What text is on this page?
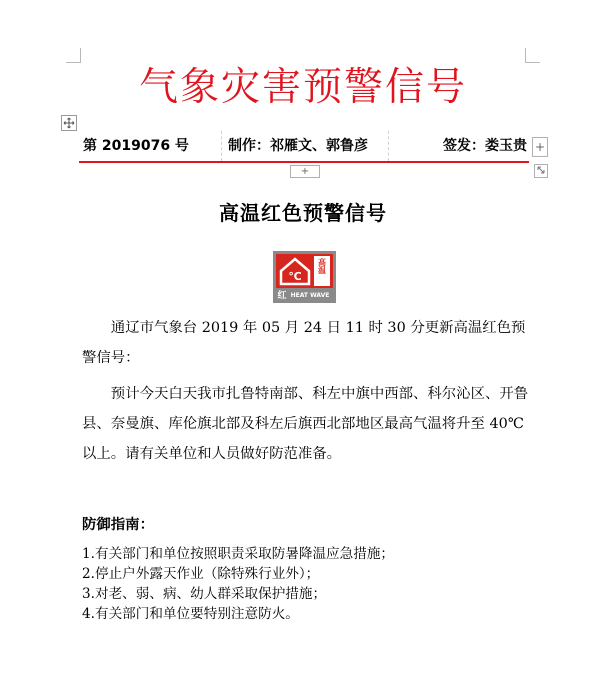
气象灾害预警信号
第 2019076 号	制作：祁雁文、郭鲁彦	签发：娄玉贵 +
+
高温红色预警信号
℃
高温
红 HEAT WAVE

通辽市气象台 2019 年 05 月 24 日 11 时 30 分更新高温红色预警信号：

预计今天白天我市扎鲁特南部、科左中旗中西部、科尔沁区、开鲁县、奈曼旗、库伦旗北部及科左后旗西北部地区最高气温将升至 40℃以上。请有关单位和人员做好防范准备。

防御指南：
1.有关部门和单位按照职责采取防暑降温应急措施；
2.停止户外露天作业（除特殊行业外）；
3.对老、弱、病、幼人群采取保护措施；
4.有关部门和单位要特别注意防火。
